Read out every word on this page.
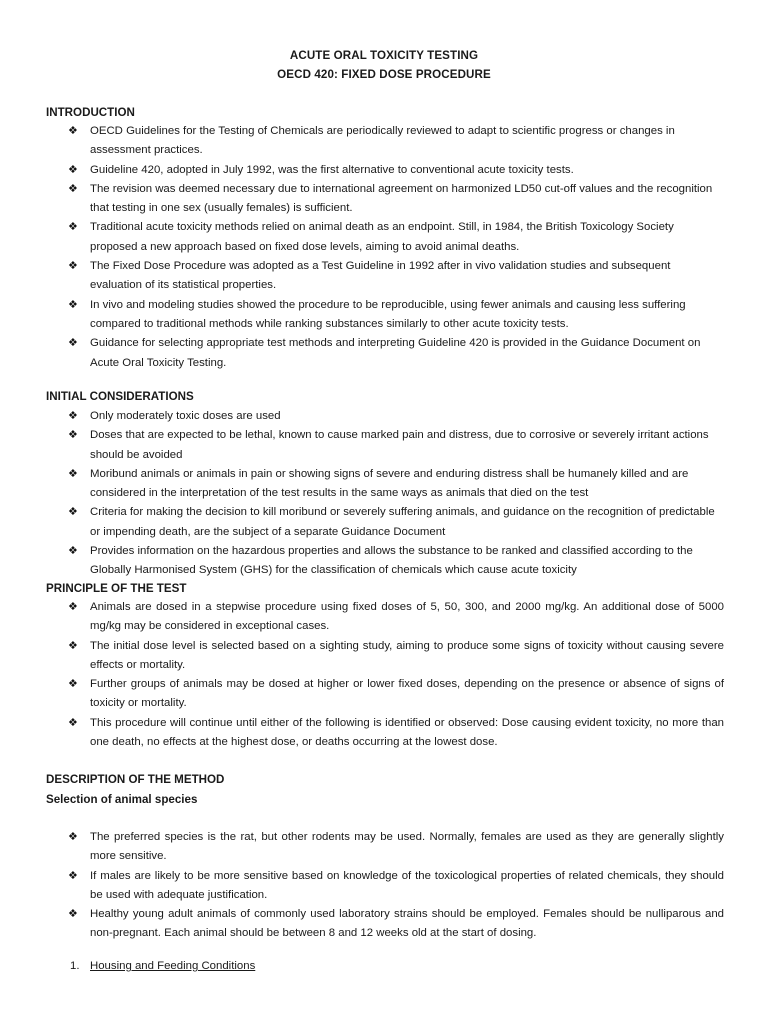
ACUTE ORAL TOXICITY TESTING
OECD 420: FIXED DOSE PROCEDURE
INTRODUCTION
❖ OECD Guidelines for the Testing of Chemicals are periodically reviewed to adapt to scientific progress or changes in assessment practices.
❖ Guideline 420, adopted in July 1992, was the first alternative to conventional acute toxicity tests.
❖ The revision was deemed necessary due to international agreement on harmonized LD50 cut-off values and the recognition that testing in one sex (usually females) is sufficient.
❖ Traditional acute toxicity methods relied on animal death as an endpoint. Still, in 1984, the British Toxicology Society proposed a new approach based on fixed dose levels, aiming to avoid animal deaths.
❖ The Fixed Dose Procedure was adopted as a Test Guideline in 1992 after in vivo validation studies and subsequent evaluation of its statistical properties.
❖ In vivo and modeling studies showed the procedure to be reproducible, using fewer animals and causing less suffering compared to traditional methods while ranking substances similarly to other acute toxicity tests.
❖ Guidance for selecting appropriate test methods and interpreting Guideline 420 is provided in the Guidance Document on Acute Oral Toxicity Testing.
INITIAL CONSIDERATIONS
❖ Only moderately toxic doses are used
❖ Doses that are expected to be lethal, known to cause marked pain and distress, due to corrosive or severely irritant actions should be avoided
❖ Moribund animals or animals in pain or showing signs of severe and enduring distress shall be humanely killed and are considered in the interpretation of the test results in the same ways as animals that died on the test
❖ Criteria for making the decision to kill moribund or severely suffering animals, and guidance on the recognition of predictable or impending death, are the subject of a separate Guidance Document
❖ Provides information on the hazardous properties and allows the substance to be ranked and classified according to the Globally Harmonised System (GHS) for the classification of chemicals which cause acute toxicity
PRINCIPLE OF THE TEST
❖ Animals are dosed in a stepwise procedure using fixed doses of 5, 50, 300, and 2000 mg/kg. An additional dose of 5000 mg/kg may be considered in exceptional cases.
❖ The initial dose level is selected based on a sighting study, aiming to produce some signs of toxicity without causing severe effects or mortality.
❖ Further groups of animals may be dosed at higher or lower fixed doses, depending on the presence or absence of signs of toxicity or mortality.
❖ This procedure will continue until either of the following is identified or observed: Dose causing evident toxicity, no more than one death, no effects at the highest dose, or deaths occurring at the lowest dose.
DESCRIPTION OF THE METHOD
Selection of animal species
❖ The preferred species is the rat, but other rodents may be used. Normally, females are used as they are generally slightly more sensitive.
❖ If males are likely to be more sensitive based on knowledge of the toxicological properties of related chemicals, they should be used with adequate justification.
❖ Healthy young adult animals of commonly used laboratory strains should be employed. Females should be nulliparous and non-pregnant. Each animal should be between 8 and 12 weeks old at the start of dosing.
1. Housing and Feeding Conditions
